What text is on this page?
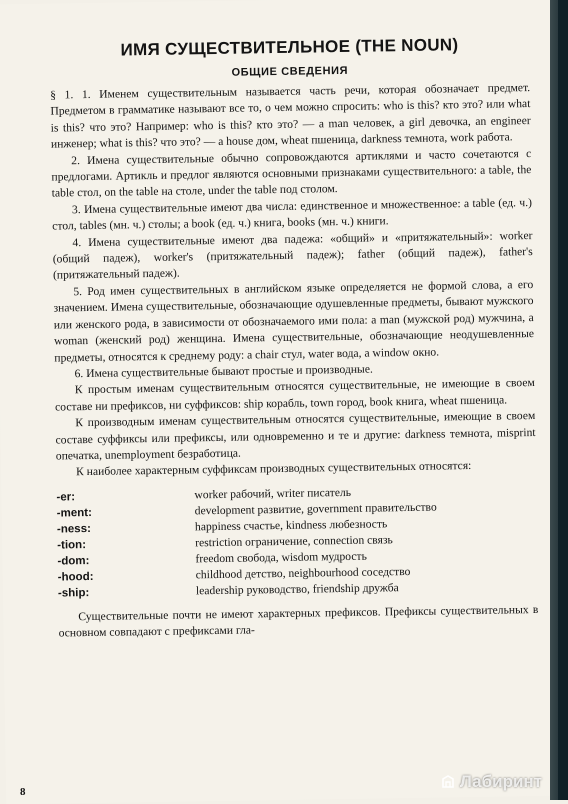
ИМЯ СУЩЕСТВИТЕЛЬНОЕ (THE NOUN)
ОБЩИЕ СВЕДЕНИЯ

§ 1. 1. Именем существительным называется часть речи, которая обозначает предмет. Предметом в грамматике называют все то, о чем можно спросить: who is this? кто это? или what is this? что это? Например: who is this? кто это? — a man человек, a girl девочка, an engineer инженер; what is this? что это? — a house дом, wheat пшеница, darkness темнота, work работа.

2. Имена существительные обычно сопровождаются артиклями и часто сочетаются с предлогами. Артикль и предлог являются основными признаками существительного: a table, the table стол, on the table на столе, under the table под столом.

3. Имена существительные имеют два числа: единственное и множественное: a table (ед. ч.) стол, tables (мн. ч.) столы; a book (ед. ч.) книга, books (мн. ч.) книги.

4. Имена существительные имеют два падежа: «общий» и «притяжательный»: worker (общий падеж), worker's (притяжательный падеж); father (общий падеж), father's (притяжательный падеж).

5. Род имен существительных в английском языке определяется не формой слова, а его значением. Имена существительные, обозначающие одушевленные предметы, бывают мужского или женского рода, в зависимости от обозначаемого ими пола: a man (мужской род) мужчина, a woman (женский род) женщина. Имена существительные, обозначающие неодушевленные предметы, относятся к среднему роду: a chair стул, water вода, a window окно.

6. Имена существительные бывают простые и производные.

К простым именам существительным относятся существительные, не имеющие в своем составе ни префиксов, ни суффиксов: ship корабль, town город, book книга, wheat пшеница.

К производным именам существительным относятся существительные, имеющие в своем составе суффиксы или префиксы, или одновременно и те и другие: darkness темнота, misprint опечатка, unemployment безработица.

К наиболее характерным суффиксам производных существительных относятся:

-er:	worker рабочий, writer писатель
-ment:	development развитие, government правительство
-ness:	happiness счастье, kindness любезность
-tion:	restriction ограничение, connection связь
-dom:	freedom свобода, wisdom мудрость
-hood:	childhood детство, neighbourhood соседство
-ship:	leadership руководство, friendship дружба

Существительные почти не имеют характерных префиксов. Префиксы существительных в основном совпадают с префиксами гла-

8
Лабиринт
